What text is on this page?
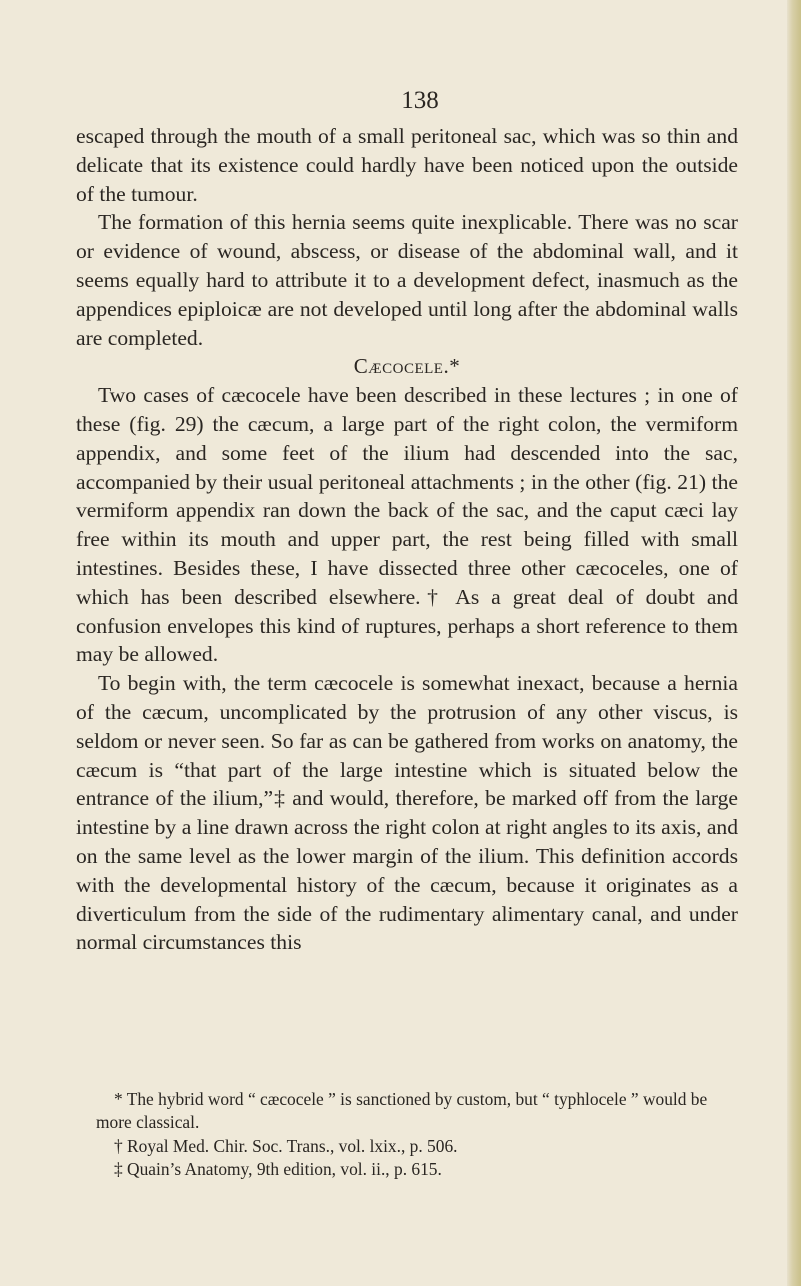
138

escaped through the mouth of a small peritoneal sac, which was so thin and delicate that its existence could hardly have been noticed upon the outside of the tumour.

The formation of this hernia seems quite inexplicable. There was no scar or evidence of wound, abscess, or disease of the abdominal wall, and it seems equally hard to attribute it to a development defect, inasmuch as the appendices epiploicæ are not developed until long after the abdominal walls are completed.

Cæcocele.*

Two cases of cæcocele have been described in these lectures ; in one of these (fig. 29) the cæcum, a large part of the right colon, the vermiform appendix, and some feet of the ilium had descended into the sac, accompanied by their usual peritoneal attachments ; in the other (fig. 21) the vermiform appendix ran down the back of the sac, and the caput cæci lay free within its mouth and upper part, the rest being filled with small intestines. Besides these, I have dissected three other cæcoceles, one of which has been described elsewhere.† As a great deal of doubt and confusion envelopes this kind of ruptures, perhaps a short reference to them may be allowed.

To begin with, the term cæcocele is somewhat inexact, because a hernia of the cæcum, uncomplicated by the protrusion of any other viscus, is seldom or never seen. So far as can be gathered from works on anatomy, the cæcum is “that part of the large intestine which is situated below the entrance of the ilium,”‡ and would, therefore, be marked off from the large intestine by a line drawn across the right colon at right angles to its axis, and on the same level as the lower margin of the ilium. This definition accords with the developmental history of the cæcum, because it originates as a diverticulum from the side of the rudimentary alimentary canal, and under normal circumstances this

* The hybrid word “ cæcocele ” is sanctioned by custom, but “ typhlocele ” would be more classical.

† Royal Med. Chir. Soc. Trans., vol. lxix., p. 506.

‡ Quain’s Anatomy, 9th edition, vol. ii., p. 615.
